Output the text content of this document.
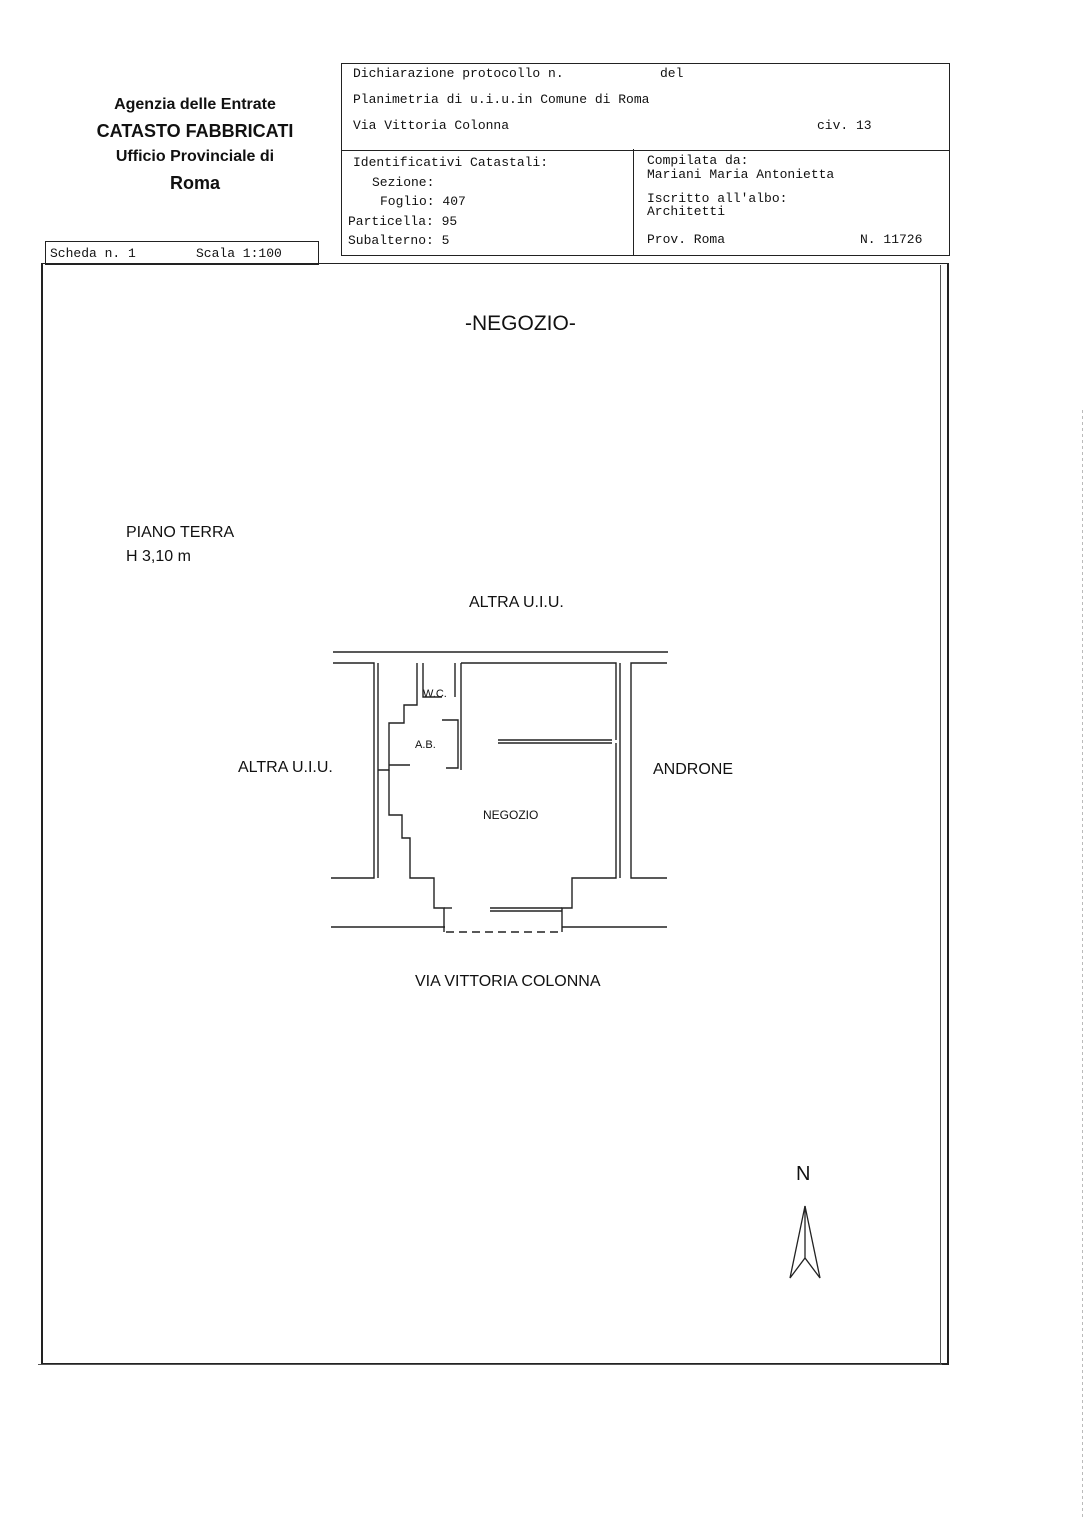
Agenzia delle Entrate
CATASTO FABBRICATI
Ufficio Provinciale di
Roma
Dichiarazione protocollo n.	del
Planimetria di u.i.u.in Comune di Roma
Via Vittoria Colonna	civ. 13
Identificativi Catastali:
Sezione:
Foglio: 407
Particella: 95
Subalterno: 5
Compilata da:
Mariani Maria Antonietta
Iscritto all'albo:
Architetti
Prov. Roma	N. 11726
Scheda n. 1	Scala 1:100
-NEGOZIO-
PIANO TERRA
H 3,10 m
ALTRA U.I.U.
ALTRA U.I.U.	ANDRONE
VIA VITTORIA COLONNA
W.C.
A.B.
NEGOZIO
N
